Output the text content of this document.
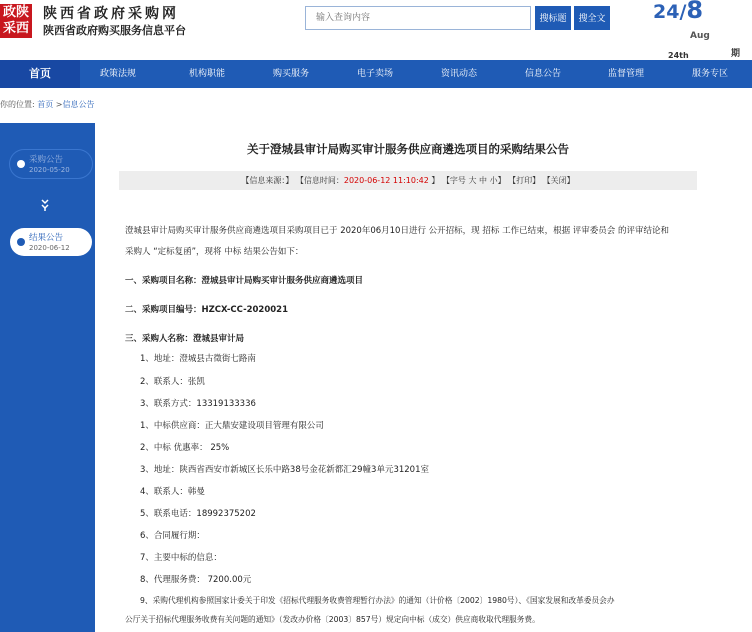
政陕
采西
陕西省政府采购网
陕西省政府购买服务信息平台
输入查询内容
搜标题	搜全文	24/8
Aug
24th	期
首页	政策法规	机构职能	购买服务	电子卖场	资讯动态	信息公告	监督管理	服务专区
你的位置: 首页 >信息公告
采购公告
2020-05-20
结果公告
2020-06-12
关于澄城县审计局购买审计服务供应商遴选项目的采购结果公告
【信息来源：】 【信息时间：2020-06-12 11:10:42 】 【字号 大 中 小】 【打印】 【关闭】
澄城县审计局购买审计服务供应商遴选项目采购项目已于 2020年06月10日进行 公开招标，现 招标 工作已结束，根据 评审委员会 的评审结论和
采购人 “定标复函”，现将 中标 结果公告如下：
一、采购项目名称：澄城县审计局购买审计服务供应商遴选项目
二、采购项目编号：HZCX-CC-2020021
三、采购人名称：澄城县审计局
1、地址：澄城县古徵街七路南
2、联系人：张凯
3、联系方式：13319133336
1、中标供应商：正大鼎安建设项目管理有限公司
2、中标 优惠率： 25%
3、地址：陕西省西安市新城区长乐中路38号金花新都汇29幢3单元31201室
4、联系人：韩曼
5、联系电话：18992375202
6、合同履行期：
7、主要中标的信息：
8、代理服务费： 7200.00元
9、采购代理机构参照国家计委关于印发《招标代理服务收费管理暂行办法》的通知（计价格〔2002〕1980号）、《国家发展和改革委员会办
公厅关于招标代理服务收费有关问题的通知》（发改办价格〔2003〕857号）规定向中标（成交）供应商收取代理服务费。
